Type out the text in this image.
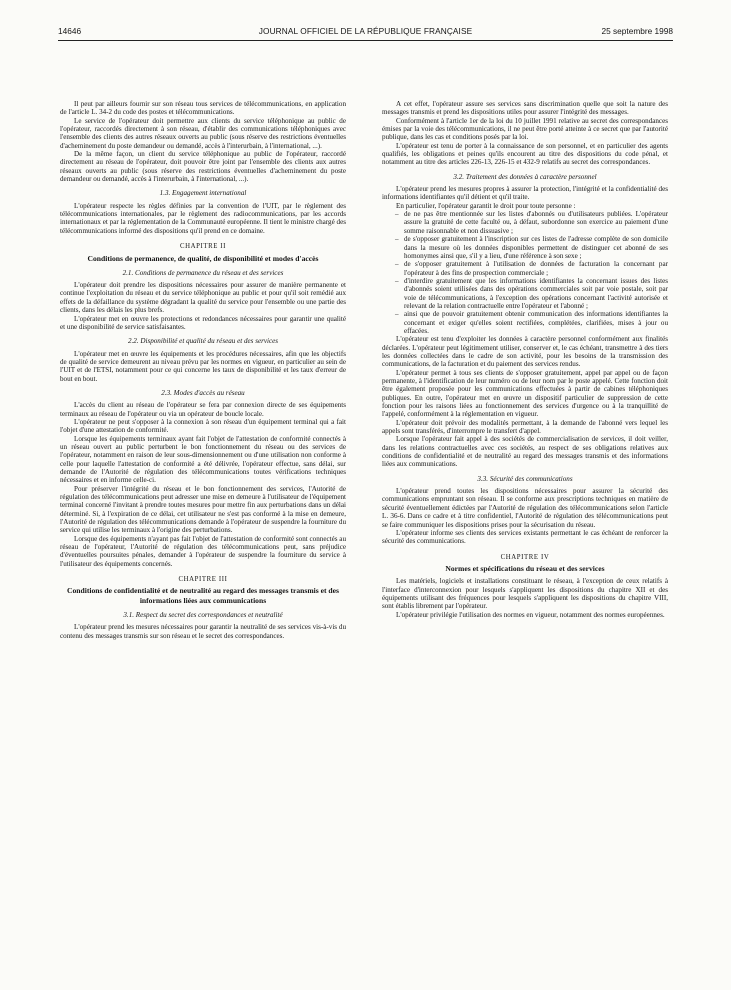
14646	JOURNAL OFFICIEL DE LA RÉPUBLIQUE FRANÇAISE	25 septembre 1998

Il peut par ailleurs fournir sur son réseau tous services de télécommunications, en application de l'article L. 34-2 du code des postes et télécommunications.

Le service de l'opérateur doit permettre aux clients du service téléphonique au public de l'opérateur, raccordés directement à son réseau, d'établir des communications téléphoniques avec l'ensemble des clients des autres réseaux ouverts au public (sous réserve des restrictions éventuelles d'acheminement du poste demandeur ou demandé, accès à l'interurbain, à l'international, ...).

De la même façon, un client du service téléphonique au public de l'opérateur, raccordé directement au réseau de l'opérateur, doit pouvoir être joint par l'ensemble des clients aux autres réseaux ouverts au public (sous réserve des restrictions éventuelles d'acheminement du poste demandeur ou demandé, accès à l'interurbain, à l'international, ...).

1.3. Engagement international

L'opérateur respecte les règles définies par la convention de l'UIT, par le règlement des télécommunications internationales, par le règlement des radiocommunications, par les accords internationaux et par la réglementation de la Communauté européenne. Il tient le ministre chargé des télécommunications informé des dispositions qu'il prend en ce domaine.

CHAPITRE II
Conditions de permanence, de qualité, de disponibilité et modes d'accès
2.1. Conditions de permanence du réseau et des services

L'opérateur doit prendre les dispositions nécessaires pour assurer de manière permanente et continue l'exploitation du réseau et du service téléphonique au public et pour qu'il soit remédié aux effets de la défaillance du système dégradant la qualité du service pour l'ensemble ou une partie des clients, dans les délais les plus brefs.

L'opérateur met en œuvre les protections et redondances nécessaires pour garantir une qualité et une disponibilité de service satisfaisantes.

2.2. Disponibilité et qualité du réseau et des services

L'opérateur met en œuvre les équipements et les procédures nécessaires, afin que les objectifs de qualité de service demeurent au niveau prévu par les normes en vigueur, en particulier au sein de l'UIT et de l'ETSI, notamment pour ce qui concerne les taux de disponibilité et les taux d'erreur de bout en bout.

2.3. Modes d'accès au réseau

L'accès du client au réseau de l'opérateur se fera par connexion directe de ses équipements terminaux au réseau de l'opérateur ou via un opérateur de boucle locale.

L'opérateur ne peut s'opposer à la connexion à son réseau d'un équipement terminal qui a fait l'objet d'une attestation de conformité.

Lorsque les équipements terminaux ayant fait l'objet de l'attestation de conformité connectés à un réseau ouvert au public perturbent le bon fonctionnement du réseau ou des services de l'opérateur, notamment en raison de leur sous-dimensionnement ou d'une utilisation non conforme à celle pour laquelle l'attestation de conformité a été délivrée, l'opérateur effectue, sans délai, sur demande de l'Autorité de régulation des télécommunications toutes vérifications techniques nécessaires et en informe celle-ci.

Pour préserver l'intégrité du réseau et le bon fonctionnement des services, l'Autorité de régulation des télécommunications peut adresser une mise en demeure à l'utilisateur de l'équipement terminal concerné l'invitant à prendre toutes mesures pour mettre fin aux perturbations dans un délai déterminé. Si, à l'expiration de ce délai, cet utilisateur ne s'est pas conformé à la mise en demeure, l'Autorité de régulation des télécommunications demande à l'opérateur de suspendre la fourniture du service qui utilise les terminaux à l'origine des perturbations.

Lorsque des équipements n'ayant pas fait l'objet de l'attestation de conformité sont connectés au réseau de l'opérateur, l'Autorité de régulation des télécommunications peut, sans préjudice d'éventuelles poursuites pénales, demander à l'opérateur de suspendre la fourniture du service à l'utilisateur des équipements concernés.

CHAPITRE III
Conditions de confidentialité et de neutralité au regard des messages transmis et des informations liées aux communications
3.1. Respect du secret des correspondances et neutralité

L'opérateur prend les mesures nécessaires pour garantir la neutralité de ses services vis-à-vis du contenu des messages transmis sur son réseau et le secret des correspondances.

A cet effet, l'opérateur assure ses services sans discrimination quelle que soit la nature des messages transmis et prend les dispositions utiles pour assurer l'intégrité des messages.

Conformément à l'article 1er de la loi du 10 juillet 1991 relative au secret des correspondances émises par la voie des télécommunications, il ne peut être porté atteinte à ce secret que par l'autorité publique, dans les cas et conditions posés par la loi.

L'opérateur est tenu de porter à la connaissance de son personnel, et en particulier des agents qualifiés, les obligations et peines qu'ils encourent au titre des dispositions du code pénal, et notamment au titre des articles 226-13, 226-15 et 432-9 relatifs au secret des correspondances.

3.2. Traitement des données à caractère personnel

L'opérateur prend les mesures propres à assurer la protection, l'intégrité et la confidentialité des informations identifiantes qu'il détient et qu'il traite.

En particulier, l'opérateur garantit le droit pour toute personne :

– de ne pas être mentionnée sur les listes d'abonnés ou d'utilisateurs publiées. L'opérateur assure la gratuité de cette faculté ou, à défaut, subordonne son exercice au paiement d'une somme raisonnable et non dissuasive ;
– de s'opposer gratuitement à l'inscription sur ces listes de l'adresse complète de son domicile dans la mesure où les données disponibles permettent de distinguer cet abonné de ses homonymes ainsi que, s'il y a lieu, d'une référence à son sexe ;
– de s'opposer gratuitement à l'utilisation de données de facturation la concernant par l'opérateur à des fins de prospection commerciale ;
– d'interdire gratuitement que les informations identifiantes la concernant issues des listes d'abonnés soient utilisées dans des opérations commerciales soit par voie postale, soit par voie de télécommunications, à l'exception des opérations concernant l'activité autorisée et relevant de la relation contractuelle entre l'opérateur et l'abonné ;
– ainsi que de pouvoir gratuitement obtenir communication des informations identifiantes la concernant et exiger qu'elles soient rectifiées, complétées, clarifiées, mises à jour ou effacées.

L'opérateur est tenu d'exploiter les données à caractère personnel conformément aux finalités déclarées. L'opérateur peut légitimement utiliser, conserver et, le cas échéant, transmettre à des tiers les données collectées dans le cadre de son activité, pour les besoins de la transmission des communications, de la facturation et du paiement des services rendus.

L'opérateur permet à tous ses clients de s'opposer gratuitement, appel par appel ou de façon permanente, à l'identification de leur numéro ou de leur nom par le poste appelé. Cette fonction doit être également proposée pour les communications effectuées à partir de cabines téléphoniques publiques. En outre, l'opérateur met en œuvre un dispositif particulier de suppression de cette fonction pour les raisons liées au fonctionnement des services d'urgence ou à la tranquillité de l'appelé, conformément à la réglementation en vigueur.

L'opérateur doit prévoir des modalités permettant, à la demande de l'abonné vers lequel les appels sont transférés, d'interrompre le transfert d'appel.

Lorsque l'opérateur fait appel à des sociétés de commercialisation de services, il doit veiller, dans les relations contractuelles avec ces sociétés, au respect de ses obligations relatives aux conditions de confidentialité et de neutralité au regard des messages transmis et des informations liées aux communications.

3.3. Sécurité des communications

L'opérateur prend toutes les dispositions nécessaires pour assurer la sécurité des communications empruntant son réseau. Il se conforme aux prescriptions techniques en matière de sécurité éventuellement édictées par l'Autorité de régulation des télécommunications selon l'article L. 36-6. Dans ce cadre et à titre confidentiel, l'Autorité de régulation des télécommunications peut se faire communiquer les dispositions prises pour la sécurisation du réseau.

L'opérateur informe ses clients des services existants permettant le cas échéant de renforcer la sécurité des communications.

CHAPITRE IV
Normes et spécifications du réseau et des services

Les matériels, logiciels et installations constituant le réseau, à l'exception de ceux relatifs à l'interface d'interconnexion pour lesquels s'appliquent les dispositions du chapitre XII et des équipements utilisant des fréquences pour lesquels s'appliquent les dispositions du chapitre VIII, sont établis librement par l'opérateur.

L'opérateur privilégie l'utilisation des normes en vigueur, notamment des normes européennes.
